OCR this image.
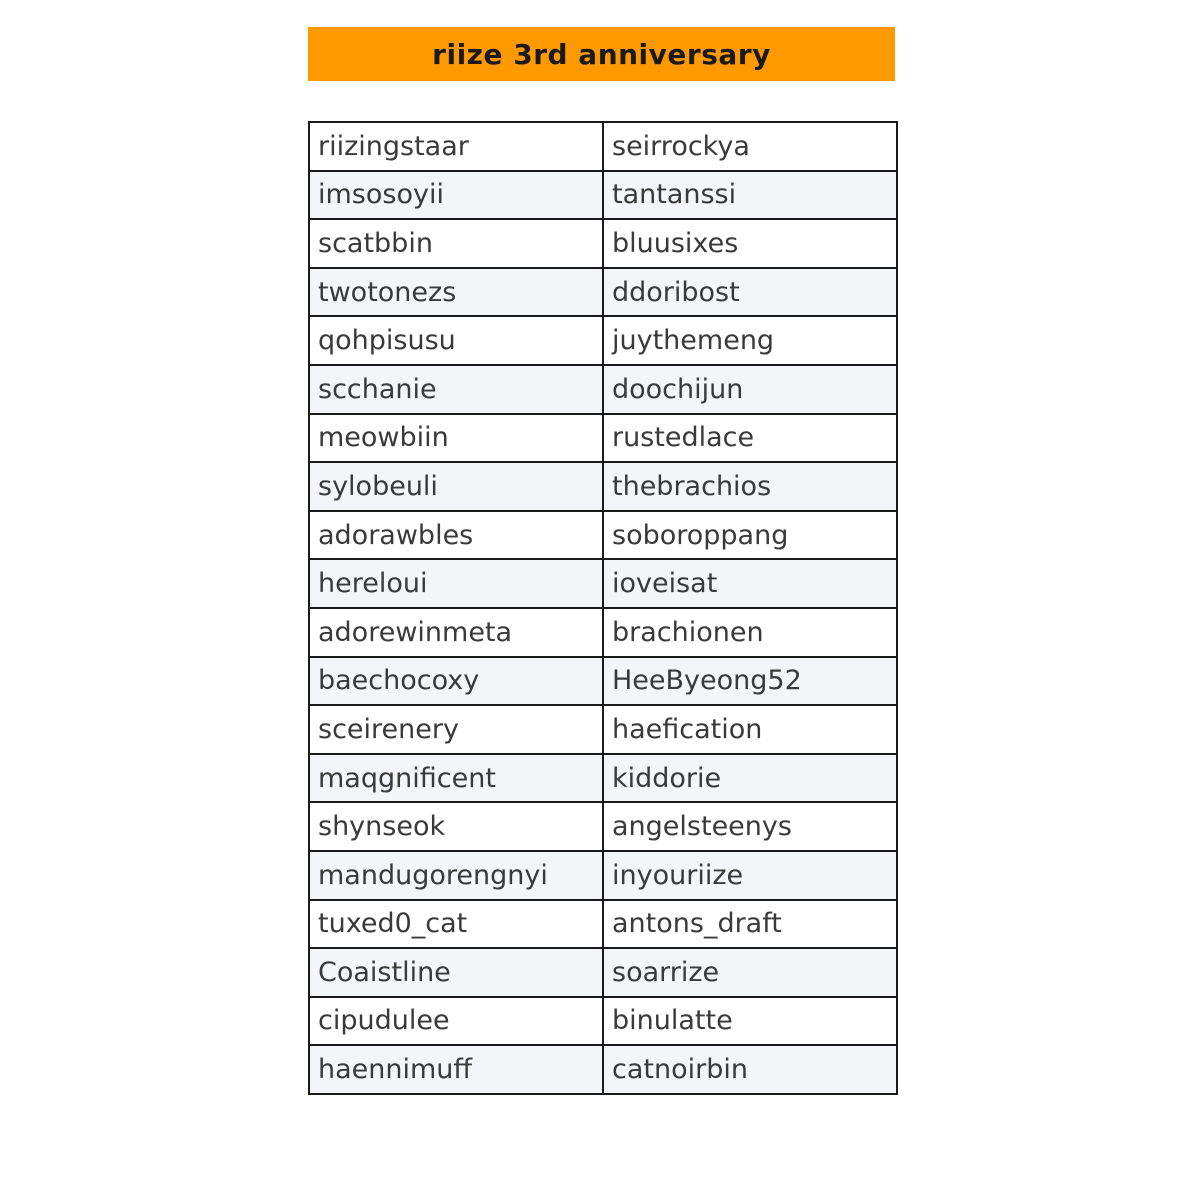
riize 3rd anniversary
riizingstaar	seirrockya
imsosoyii	tantanssi
scatbbin	bluusixes
twotonezs	ddoribost
qohpisusu	juythemeng
scchanie	doochijun
meowbiin	rustedlace
sylobeuli	thebrachios
adorawbles	soboroppang
hereloui	ioveisat
adorewinmeta	brachionen
baechocoxy	HeeByeong52
sceirenery	haefication
maqgnificent	kiddorie
shynseok	angelsteenys
mandugorengnyi	inyouriize
tuxed0_cat	antons_draft
Coaistline	soarrize
cipudulee	binulatte
haennimuff	catnoirbin
